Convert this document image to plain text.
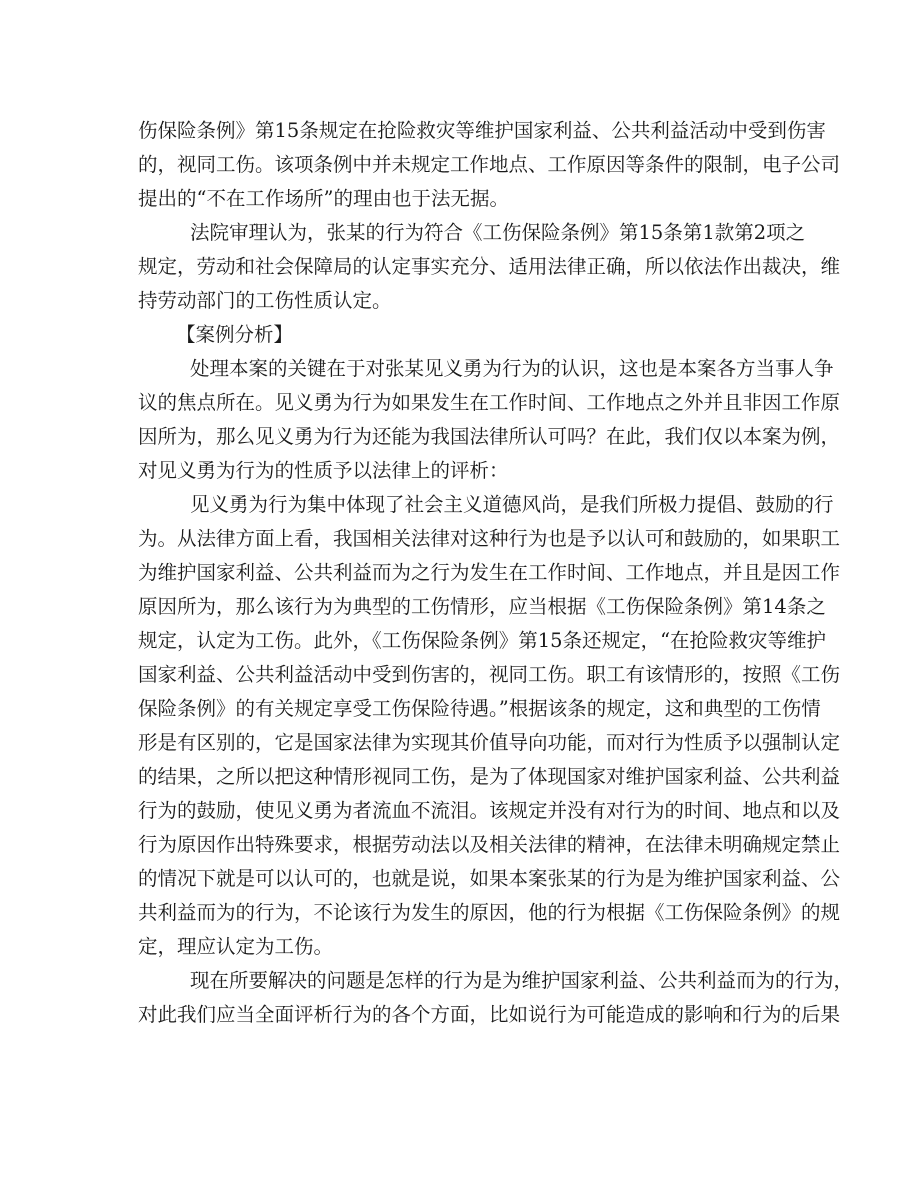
伤保险条例》第15条规定在抢险救灾等维护国家利益、公共利益活动中受到伤害
的，视同工伤。该项条例中并未规定工作地点、工作原因等条件的限制，电子公司
提出的“不在工作场所”的理由也于法无据。
法院审理认为，张某的行为符合《工伤保险条例》第15条第1款第2项之
规定，劳动和社会保障局的认定事实充分、适用法律正确，所以依法作出裁决，维
持劳动部门的工伤性质认定。
【案例分析】
处理本案的关键在于对张某见义勇为行为的认识，这也是本案各方当事人争
议的焦点所在。见义勇为行为如果发生在工作时间、工作地点之外并且非因工作原
因所为，那么见义勇为行为还能为我国法律所认可吗？在此，我们仅以本案为例，
对见义勇为行为的性质予以法律上的评析：
见义勇为行为集中体现了社会主义道德风尚，是我们所极力提倡、鼓励的行
为。从法律方面上看，我国相关法律对这种行为也是予以认可和鼓励的，如果职工
为维护国家利益、公共利益而为之行为发生在工作时间、工作地点，并且是因工作
原因所为，那么该行为为典型的工伤情形，应当根据《工伤保险条例》第14条之
规定，认定为工伤。此外，《工伤保险条例》第15条还规定，“在抢险救灾等维护
国家利益、公共利益活动中受到伤害的，视同工伤。职工有该情形的，按照《工伤
保险条例》的有关规定享受工伤保险待遇。”根据该条的规定，这和典型的工伤情
形是有区别的，它是国家法律为实现其价值导向功能，而对行为性质予以强制认定
的结果，之所以把这种情形视同工伤，是为了体现国家对维护国家利益、公共利益
行为的鼓励，使见义勇为者流血不流泪。该规定并没有对行为的时间、地点和以及
行为原因作出特殊要求，根据劳动法以及相关法律的精神，在法律未明确规定禁止
的情况下就是可以认可的，也就是说，如果本案张某的行为是为维护国家利益、公
共利益而为的行为，不论该行为发生的原因，他的行为根据《工伤保险条例》的规
定，理应认定为工伤。
现在所要解决的问题是怎样的行为是为维护国家利益、公共利益而为的行为，
对此我们应当全面评析行为的各个方面，比如说行为可能造成的影响和行为的后果
